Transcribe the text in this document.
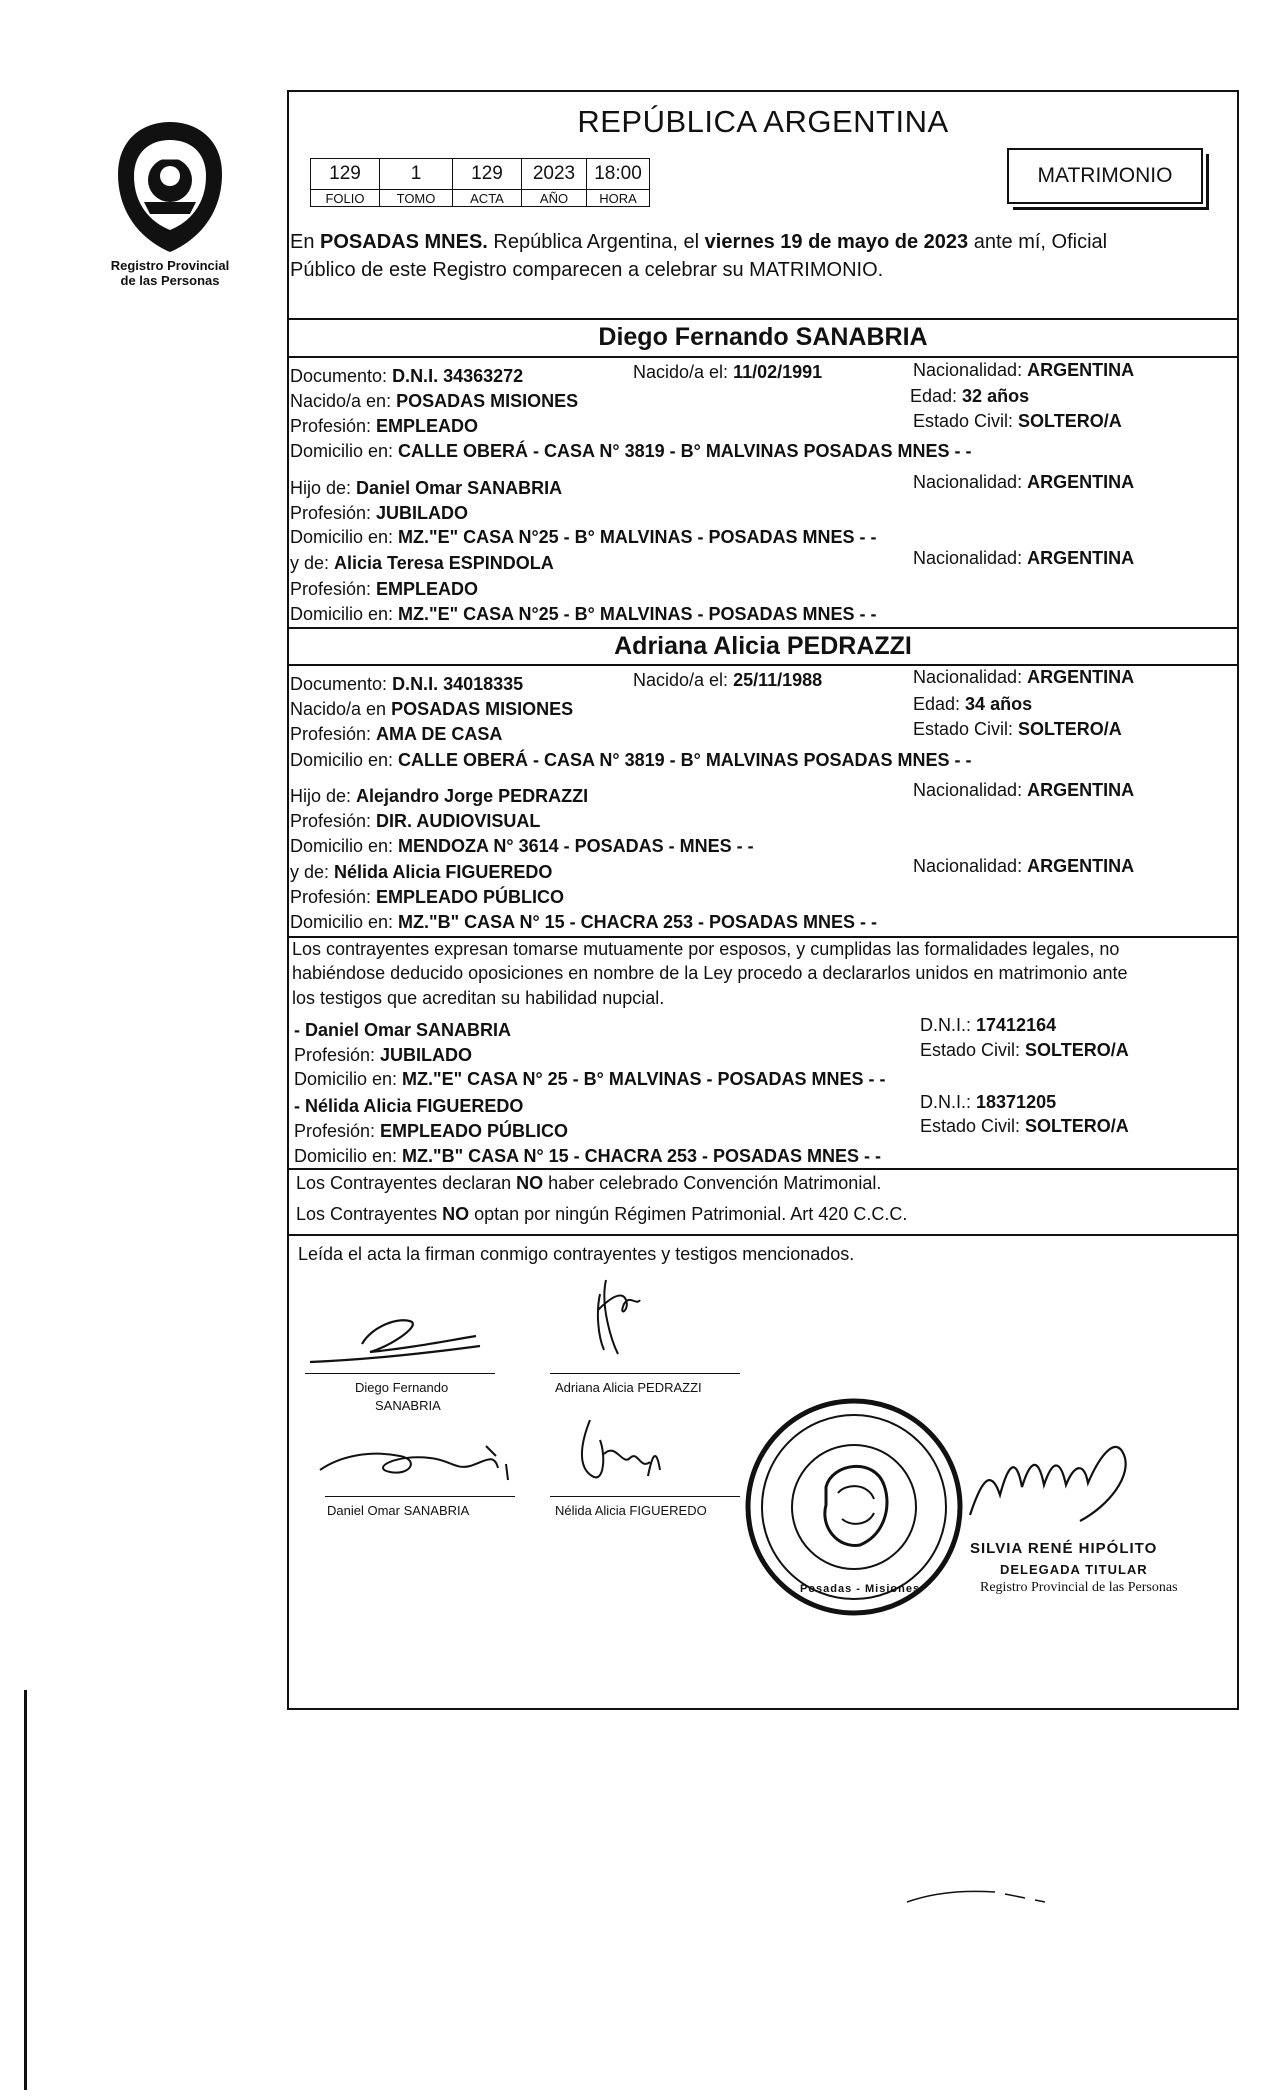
Registro Provincial
de las Personas
REPÚBLICA ARGENTINA
129	1	129	2023	18:00
FOLIO	TOMO	ACTA	AÑO	HORA
MATRIMONIO
En POSADAS MNES. República Argentina, el viernes 19 de mayo de 2023 ante mí, Oficial
Público de este Registro comparecen a celebrar su MATRIMONIO.
Diego Fernando SANABRIA
Documento: D.N.I. 34363272	Nacido/a el: 11/02/1991	Nacionalidad: ARGENTINA
Nacido/a en: POSADAS MISIONES	Edad: 32 años
Profesión: EMPLEADO	Estado Civil: SOLTERO/A
Domicilio en: CALLE OBERÁ - CASA N° 3819 - B° MALVINAS POSADAS MNES - -
Hijo de: Daniel Omar SANABRIA	Nacionalidad: ARGENTINA
Profesión: JUBILADO
Domicilio en: MZ."E" CASA N°25 - B° MALVINAS - POSADAS MNES - -
y de: Alicia Teresa ESPINDOLA	Nacionalidad: ARGENTINA
Profesión: EMPLEADO
Domicilio en: MZ."E" CASA N°25 - B° MALVINAS - POSADAS MNES - -
Adriana Alicia PEDRAZZI
Documento: D.N.I. 34018335	Nacido/a el: 25/11/1988	Nacionalidad: ARGENTINA
Nacido/a en POSADAS MISIONES	Edad: 34 años
Profesión: AMA DE CASA	Estado Civil: SOLTERO/A
Domicilio en: CALLE OBERÁ - CASA N° 3819 - B° MALVINAS POSADAS MNES - -
Hijo de: Alejandro Jorge PEDRAZZI	Nacionalidad: ARGENTINA
Profesión: DIR. AUDIOVISUAL
Domicilio en: MENDOZA N° 3614 - POSADAS - MNES - -
y de: Nélida Alicia FIGUEREDO	Nacionalidad: ARGENTINA
Profesión: EMPLEADO PÚBLICO
Domicilio en: MZ."B" CASA N° 15 - CHACRA 253 - POSADAS MNES - -
Los contrayentes expresan tomarse mutuamente por esposos, y cumplidas las formalidades legales, no
habiéndose deducido oposiciones en nombre de la Ley procedo a declararlos unidos en matrimonio ante
los testigos que acreditan su habilidad nupcial.
- Daniel Omar SANABRIA	D.N.I.: 17412164
Profesión: JUBILADO	Estado Civil: SOLTERO/A
Domicilio en: MZ."E" CASA N° 25 - B° MALVINAS - POSADAS MNES - -
- Nélida Alicia FIGUEREDO	D.N.I.: 18371205
Profesión: EMPLEADO PÚBLICO	Estado Civil: SOLTERO/A
Domicilio en: MZ."B" CASA N° 15 - CHACRA 253 - POSADAS MNES - -
Los Contrayentes declaran NO haber celebrado Convención Matrimonial.
Los Contrayentes NO optan por ningún Régimen Patrimonial. Art 420 C.C.C.
Leída el acta la firman conmigo contrayentes y testigos mencionados.
Diego Fernando
SANABRIA
Adriana Alicia PEDRAZZI
Daniel Omar SANABRIA	Nélida Alicia FIGUEREDO
Posadas - Misiones
SILVIA RENÉ HIPÓLITO
DELEGADA TITULAR
Registro Provincial de las Personas
